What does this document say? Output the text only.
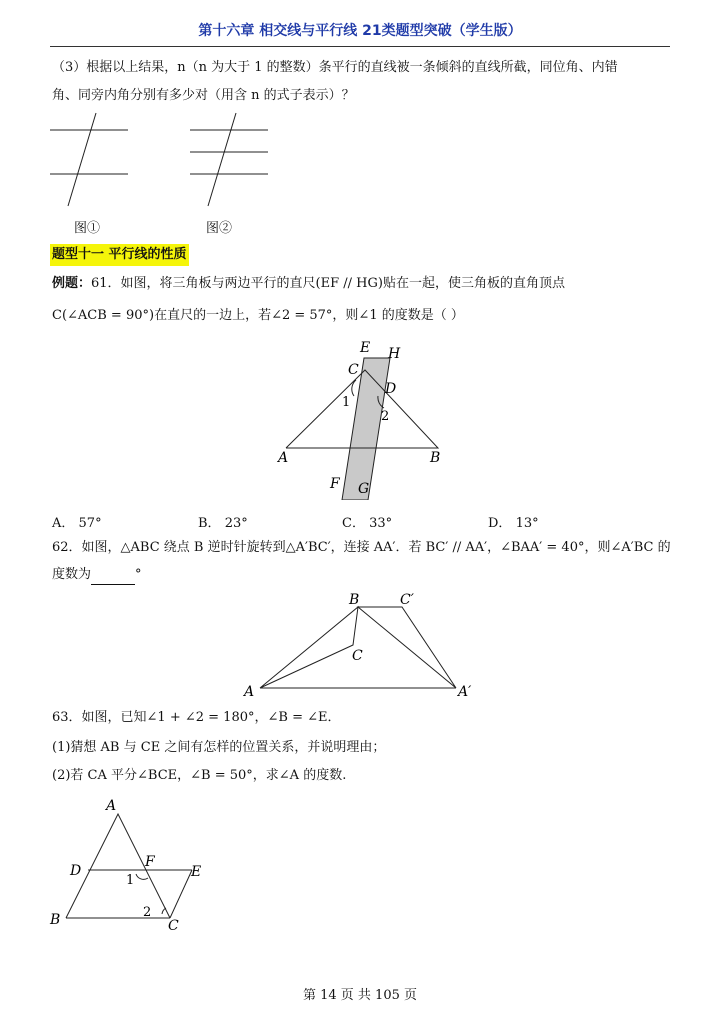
第十六章 相交线与平行线 21类题型突破（学生版）
（3）根据以上结果，n（n 为大于 1 的整数）条平行的直线被一条倾斜的直线所截，同位角、内错
角、同旁内角分别有多少对（用含 n 的式子表示）？
图①	图②
题型十一 平行线的性质
例题：61．如图，将三角板与两边平行的直尺(EF // HG)贴在一起，使三角板的直角顶点
C(∠ACB = 90°)在直尺的一边上，若∠2 = 57°，则∠1 的度数是（ ）
E H
C
D
1
2
A	B
F G
A． 57°	B． 23°	C． 33°	D． 13°
62．如图，△ABC 绕点 B 逆时针旋转到△A′BC′，连接 AA′．若 BC′ // AA′，∠BAA′ = 40°，则∠A′BC 的
度数为	°
B	C′
C
A	A′
63．如图，已知∠1 + ∠2 = 180°，∠B = ∠E．
(1)猜想 AB 与 CE 之间有怎样的位置关系，并说明理由；
(2)若 CA 平分∠BCE，∠B = 50°，求∠A 的度数.
A
D
F
E
1
B	2
C
第 14 页 共 105 页
